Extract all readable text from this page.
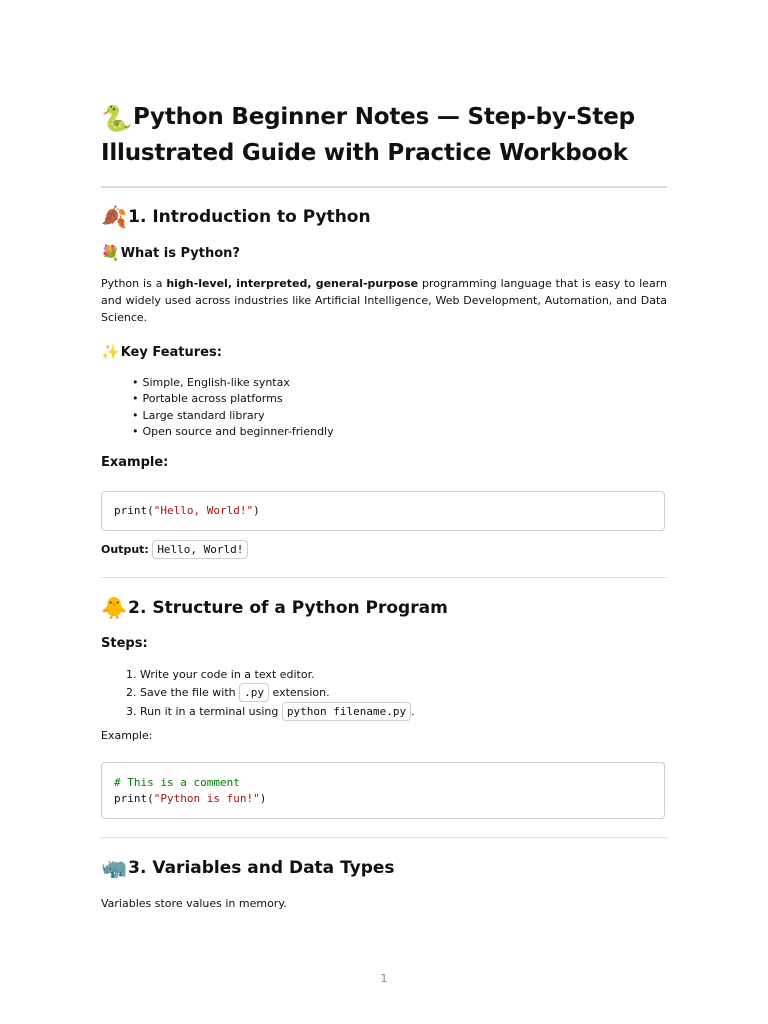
🐍Python Beginner Notes — Step-by-Step Illustrated Guide with Practice Workbook
🍂1. Introduction to Python
💐What is Python?

Python is a high-level, interpreted, general-purpose programming language that is easy to learn and widely used across industries like Artificial Intelligence, Web Development, Automation, and Data Science.

✨Key Features:
• Simple, English-like syntax
• Portable across platforms
• Large standard library
• Open source and beginner-friendly
Example:
print("Hello, World!")

Output: Hello, World!

🐥2. Structure of a Python Program
Steps:
1. Write your code in a text editor.
2. Save the file with .py extension.
3. Run it in a terminal using python filename.py .

Example:

# This is a comment
print("Python is fun!")
🦏3. Variables and Data Types

Variables store values in memory.

1
